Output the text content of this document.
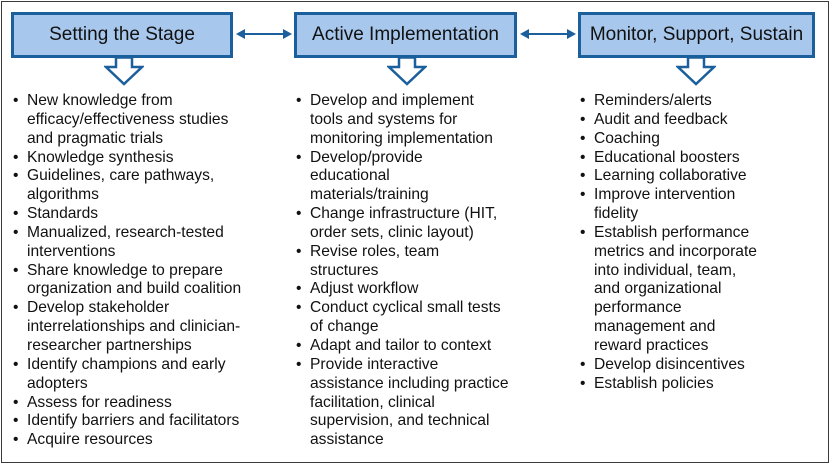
Setting the Stage	Active Implementation	Monitor, Support, Sustain
• New knowledge from
efficacy/effectiveness studies
and pragmatic trials
• Knowledge synthesis
• Guidelines, care pathways,
algorithms
• Standards
• Manualized, research-tested
interventions
• Share knowledge to prepare
organization and build coalition
• Develop stakeholder
interrelationships and clinician-
researcher partnerships
• Identify champions and early
adopters
• Assess for readiness
• Identify barriers and facilitators
• Acquire resources
• Develop and implement
tools and systems for
monitoring implementation
• Develop/provide
educational
materials/training
• Change infrastructure (HIT,
order sets, clinic layout)
• Revise roles, team
structures
• Adjust workflow
• Conduct cyclical small tests
of change
• Adapt and tailor to context
• Provide interactive
assistance including practice
facilitation, clinical
supervision, and technical
assistance
• Reminders/alerts
• Audit and feedback
• Coaching
• Educational boosters
• Learning collaborative
• Improve intervention
fidelity
• Establish performance
metrics and incorporate
into individual, team,
and organizational
performance
management and
reward practices
• Develop disincentives
• Establish policies
